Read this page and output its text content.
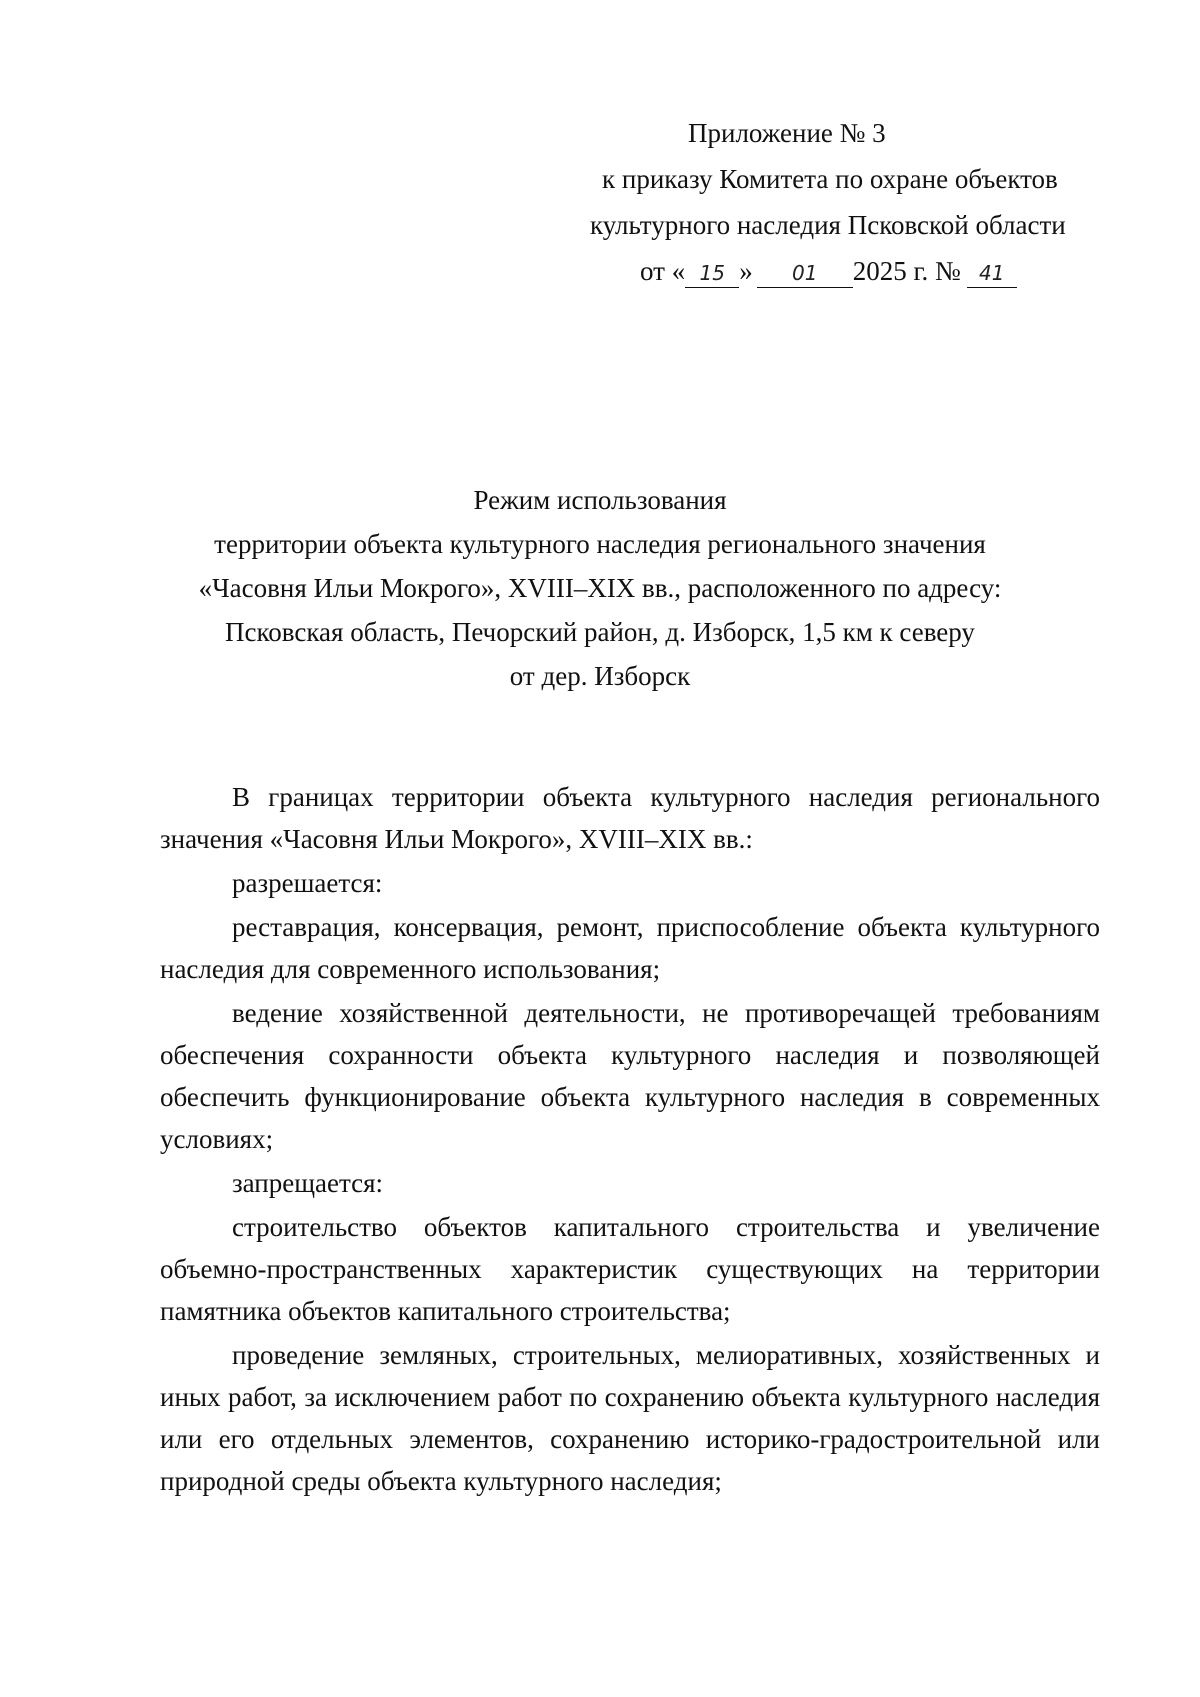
Приложение № 3
к приказу Комитета по охране объектов
культурного наследия Псковской области
от « 15 » 01 2025 г. № 41
Режим использования
территории объекта культурного наследия регионального значения
«Часовня Ильи Мокрого», XVIII–XIX вв., расположенного по адресу:
Псковская область, Печорский район, д. Изборск, 1,5 км к северу
от дер. Изборск

В границах территории объекта культурного наследия регионального значения «Часовня Ильи Мокрого», XVIII–XIX вв.:

разрешается:

реставрация, консервация, ремонт, приспособление объекта культурного наследия для современного использования;

ведение хозяйственной деятельности, не противоречащей требованиям обеспечения сохранности объекта культурного наследия и позволяющей обеспечить функционирование объекта культурного наследия в современных условиях;

запрещается:

строительство объектов капитального строительства и увеличение объемно-пространственных характеристик существующих на территории памятника объектов капитального строительства;

проведение земляных, строительных, мелиоративных, хозяйственных и иных работ, за исключением работ по сохранению объекта культурного наследия или его отдельных элементов, сохранению историко-градостроительной или природной среды объекта культурного наследия;
